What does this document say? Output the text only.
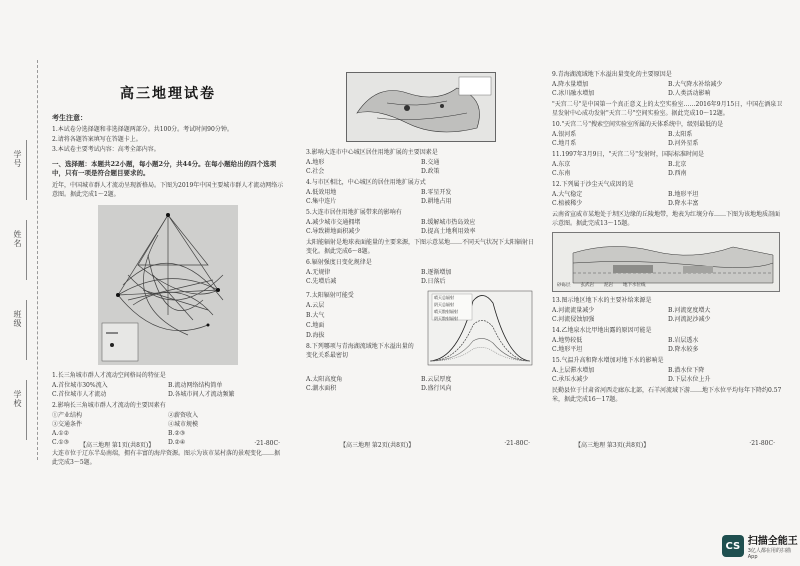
学号
姓名
班级
学校
高三地理试卷
考生注意：

1.本试卷分选择题和非选择题两部分。共100分。考试时间90分钟。

2.请将各题答案填写在答题卡上。

3.本试卷主要考试内容：高考全部内容。

一、选择题：本题共22小题，每小题2分，共44分。在每小题给出的四个选项中，只有一项是符合题目要求的。

近年，中国城市群人才流动呈现新格局。下图为2019年中国主要城市群人才流动网络示意图。据此完成1～2题。

1.长三角城市群人才流动空间格局的特征是

A.首位城市30%流入	B.流动网络结构简单
C.首位城市人才流动	D.各城市间人才流动频繁

2.影响长三角城市群人才流动的主要因素有

①产业结构	②薪资收入
③交通条件	④城市规模
A.①②	B.②③
C.①③	D.②④

大连市位于辽东半岛南端，拥有丰富的海岸资源。图示为该市某村落的景观变化……据此完成3～5题。

3.影响大连市中心城区居住用地扩展的主要因素是

A.地形	B.交通
C.社会	D.政策

4.与市区相比，中心城区的居住用地扩展方式

A.低效用地	B.零星开发
C.集中连片	D.耕地占用

5.大连市居住用地扩展带来的影响有

A.减少城市交通拥堵	B.缓解城市热岛效应
C.导致耕地面积减少	D.提高土地利用效率

太阳能辐射是地球表面能量的主要来源，下图示意某地……不同天气状况下太阳辐射日变化。据此完成6～8题。

6.辐射强度日变化规律是

A.无规律	B.逐渐增加
C.先增后减	D.日落后

7.太阳辐射可能受

A.云层

B.大气

C.地面

D.海拔

8.下列哪项与青海湖流域地下水溢出量的变化关系最密切

晴天总辐射

阴天总辐射

晴天散射辐射

阴天散射辐射

A.太阳高度角	B.云层厚度
C.潮水面积	D.盛行风向

9.青海湖流域地下水溢出量变化的主要原因是

A.降水量增加	B.大气降水补给减少
C.冰川融水增加	D.人类活动影响

"天宫二号"是中国第一个真正意义上的太空实验室……2016年9月15日，中国在酒泉卫星发射中心成功发射"天宫二号"空间实验室。据此完成10～12题。

10."天宫二号"搜索空间实验室所属的天体系统中，级别最低的是

A.银河系	B.太阳系
C.地月系	D.河外星系

11.1997年3月9日，"天宫二号"发射时，国际标准时间是

A.东京	B.北京
C.东南	D.西南

12.下列属于沙尘天气成因的是

A.大气稳定	B.地形平坦
C.植被稀少	D.降水丰富

云南省宣威市某地处于坝区边缘的丘陵地带，地表为红壤分布……下图为该地地质剖面示意图。据此完成13～15题。

砂砾层 玄武岩 泥岩 地下水位线

13.图示地区地下水的主要补给来源是

A.河流流量减少	B.河流宽度增大
C.河流侵蚀加强	D.河流泥沙减少

14.乙地泉水比甲地出露的原因可能是

A.地势较低	B.岩层透水
C.地形平坦	D.降水较多

15.气温升高和降水增加对地下水的影响是

A.上层滞水增加	B.潜水位下降
C.承压水减少	D.下层水位上升

民勤县位于甘肃省河西走廊东北部，石羊河流域下游……地下水位平均每年下降约0.57米，据此完成16～17题。

【高三地理 第1页(共8页)】	·21-80C·	【高三地理 第2页(共8页)】	·21-80C·	【高三地理 第3页(共8页)】	·21-80C·
CS 扫描全能王
3亿人都在用的扫描App
